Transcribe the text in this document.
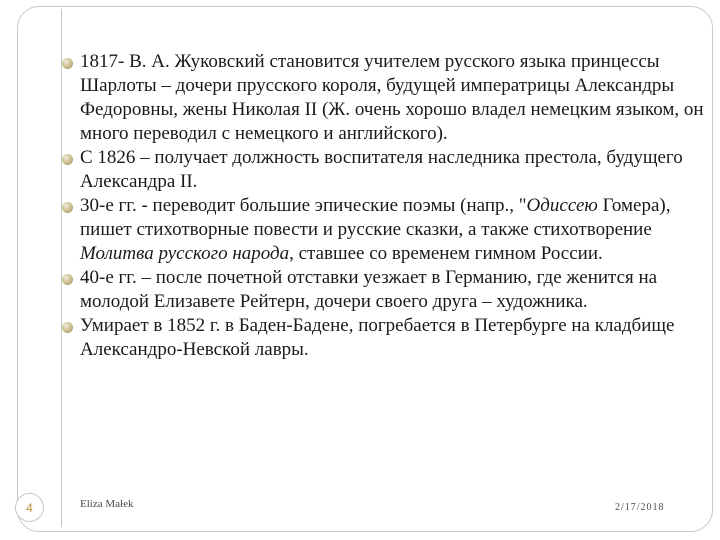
1817- В. А. Жуковский становится учителем русского языка принцессы Шарлоты – дочери прусского короля, будущей императрицы Александры Федоровны, жены Николая II (Ж. очень хорошо владел немецким языком, он много переводил с немецкого и английского).
С 1826 – получает должность воспитателя наследника престола, будущего Александра II.
30-е гг. - переводит большие эпические поэмы (напр., "Одиссею Гомера), пишет стихотворные повести и русские сказки, а также стихотворение Молитва русского народа, ставшее со временем гимном России.
40-е гг. – после почетной отставки уезжает в Германию, где женится на молодой Елизавете Рейтерн, дочери своего друга – художника.
Умирает в 1852 г. в Баден-Бадене, погребается в Петербурге на кладбище Александро-Невской лавры.
Eliza Małek	2/17/2018
4
